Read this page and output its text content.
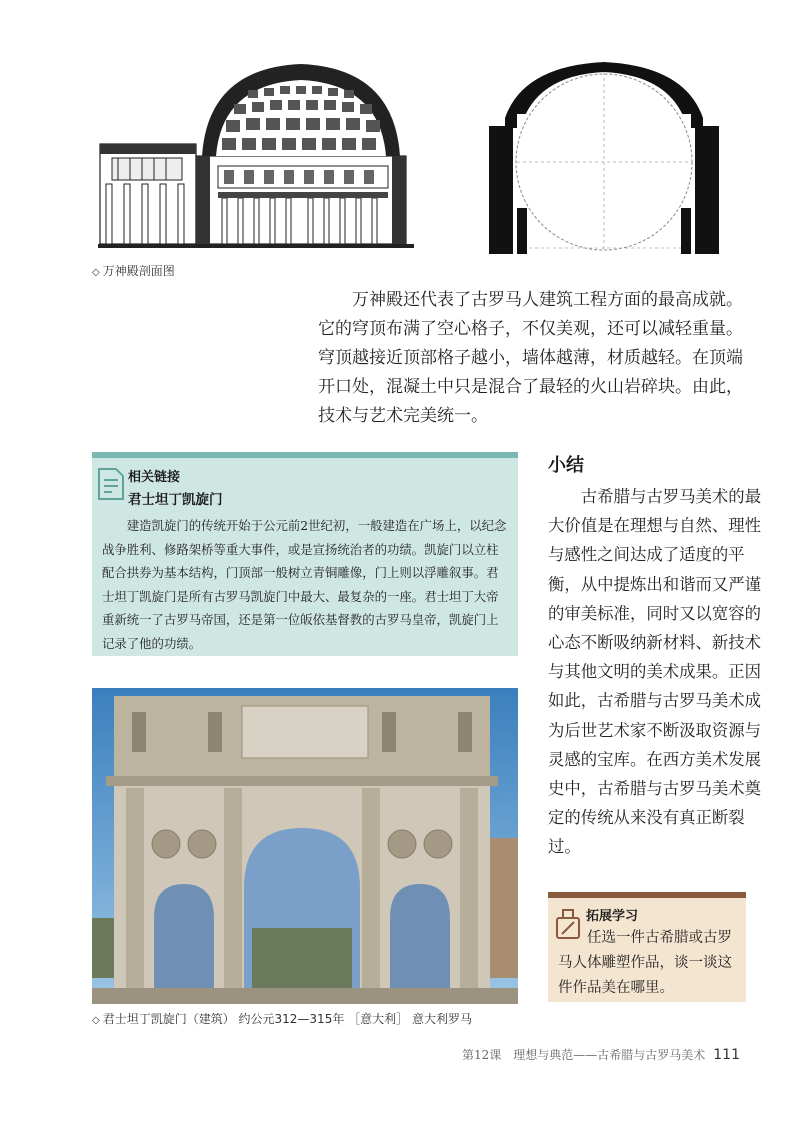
◇ 万神殿剖面图

万神殿还代表了古罗马人建筑工程方面的最高成就。它的穹顶布满了空心格子，不仅美观，还可以减轻重量。穹顶越接近顶部格子越小，墙体越薄，材质越轻。在顶端开口处，混凝土中只是混合了最轻的火山岩碎块。由此，技术与艺术完美统一。

相关链接
君士坦丁凯旋门

建造凯旋门的传统开始于公元前2世纪初，一般建造在广场上，以纪念战争胜利、修路架桥等重大事件，或是宣扬统治者的功绩。凯旋门以立柱配合拱券为基本结构，门顶部一般树立青铜雕像，门上则以浮雕叙事。君士坦丁凯旋门是所有古罗马凯旋门中最大、最复杂的一座。君士坦丁大帝重新统一了古罗马帝国，还是第一位皈依基督教的古罗马皇帝，凯旋门上记录了他的功绩。

◇ 君士坦丁凯旋门（建筑） 约公元312—315年 ［意大利］ 意大利罗马
小结

古希腊与古罗马美术的最大价值是在理想与自然、理性与感性之间达成了适度的平衡，从中提炼出和谐而又严谨的审美标准，同时又以宽容的心态不断吸纳新材料、新技术与其他文明的美术成果。正因如此，古希腊与古罗马美术成为后世艺术家不断汲取资源与灵感的宝库。在西方美术发展史中，古希腊与古罗马美术奠定的传统从来没有真正断裂过。

拓展学习

任选一件古希腊或古罗马人体雕塑作品，谈一谈这件作品美在哪里。

第12课　理想与典范——古希腊与古罗马美术 111
